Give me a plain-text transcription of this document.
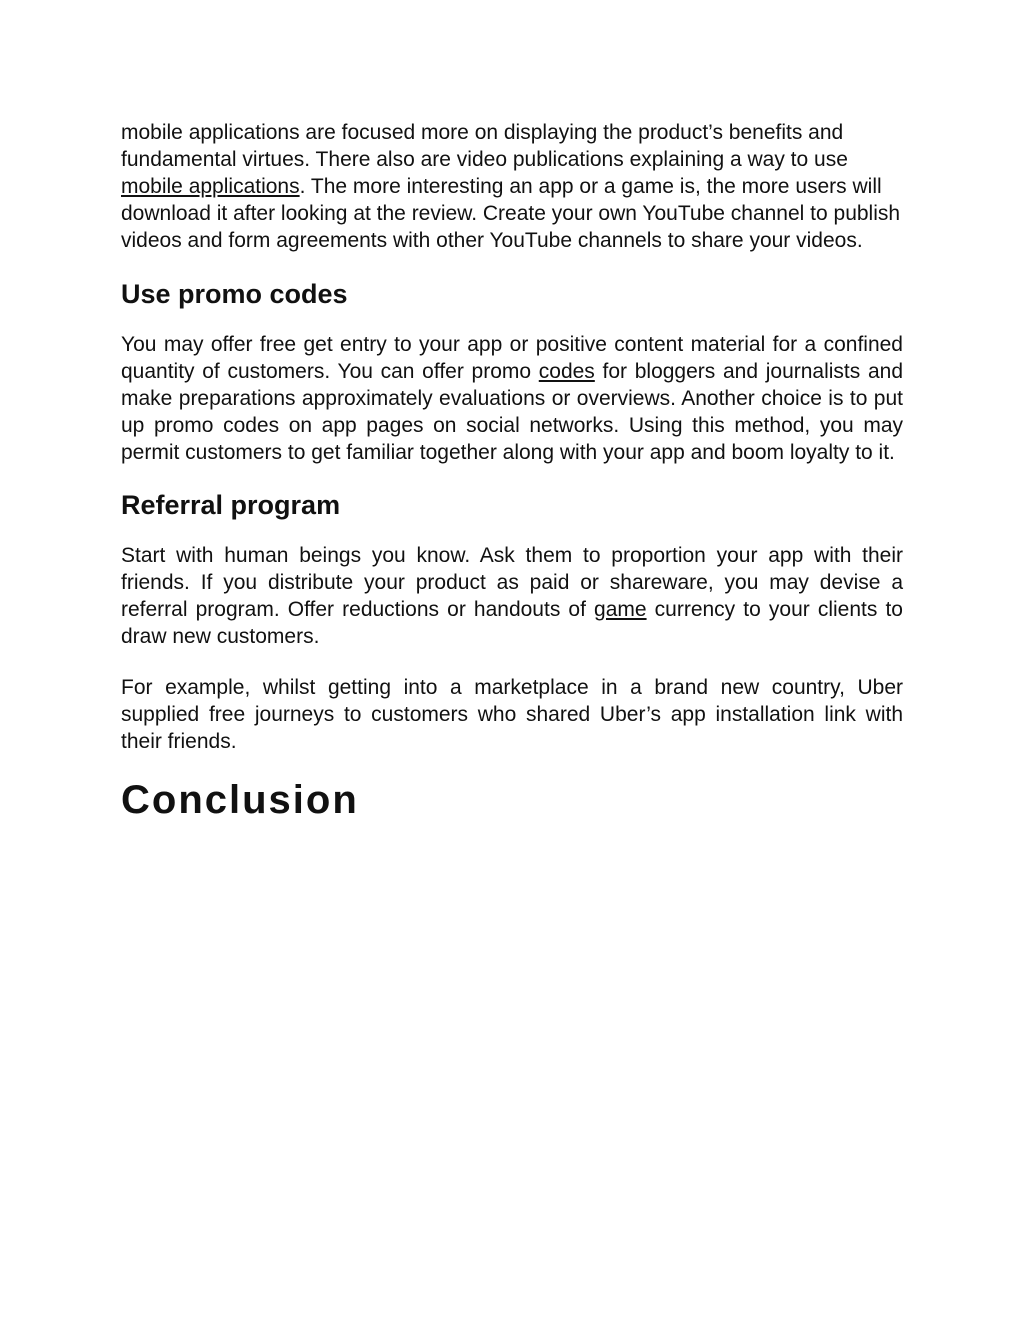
mobile applications are focused more on displaying the product’s benefits and fundamental virtues. There also are video publications explaining a way to use mobile applications. The more interesting an app or a game is, the more users will download it after looking at the review. Create your own YouTube channel to publish videos and form agreements with other YouTube channels to share your videos.

Use promo codes

You may offer free get entry to your app or positive content material for a confined quantity of customers. You can offer promo codes for bloggers and journalists and make preparations approximately evaluations or overviews. Another choice is to put up promo codes on app pages on social networks. Using this method, you may permit customers to get familiar together along with your app and boom loyalty to it.

Referral program

Start with human beings you know. Ask them to proportion your app with their friends. If you distribute your product as paid or shareware, you may devise a referral program. Offer reductions or handouts of game currency to your clients to draw new customers.

For example, whilst getting into a marketplace in a brand new country, Uber supplied free journeys to customers who shared Uber’s app installation link with their friends.

Conclusion
